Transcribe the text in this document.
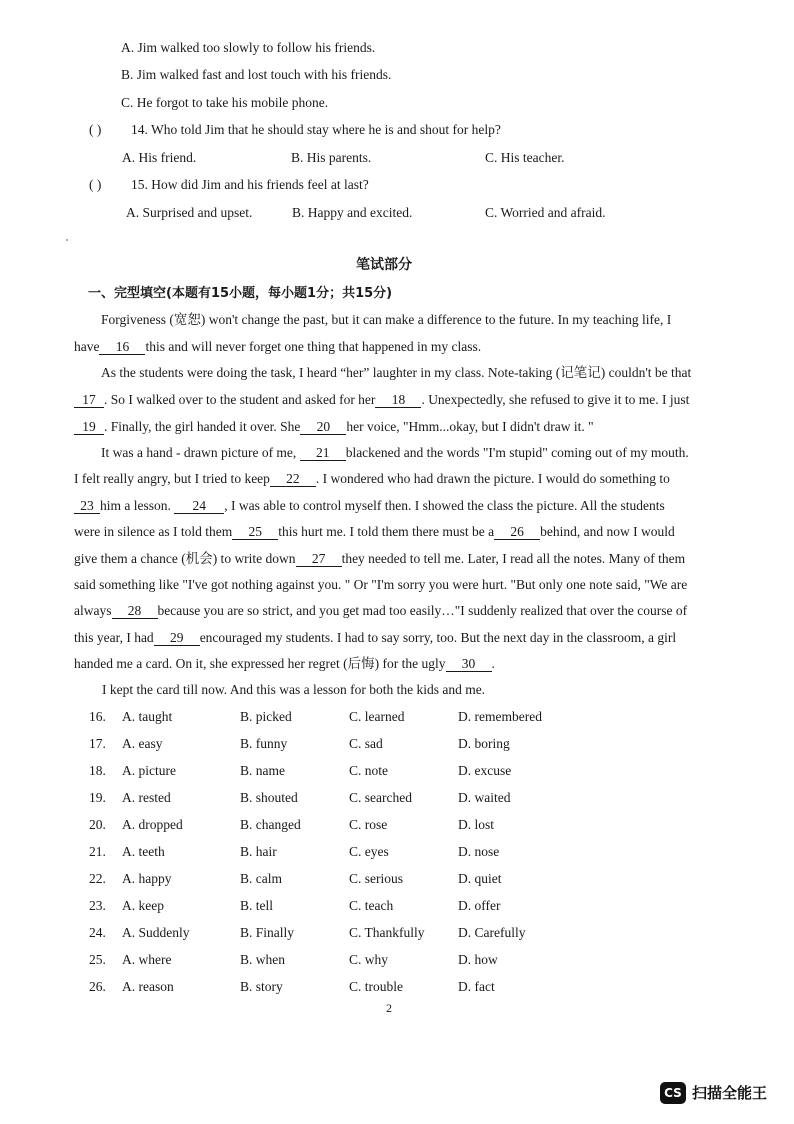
A. Jim walked too slowly to follow his friends.
B. Jim walked fast and lost touch with his friends.
C. He forgot to take his mobile phone.
( ) 14. Who told Jim that he should stay where he is and shout for help?
A. His friend.	B. His parents.	C. His teacher.
( ) 15. How did Jim and his friends feel at last?
A. Surprised and upset.	B. Happy and excited.	C. Worried and afraid.
笔试部分
一、完型填空(本题有15小题，每小题1分；共15分)
Forgiveness (宽恕) won't change the past, but it can make a difference to the future. In my teaching life, I
have 16 this and will never forget one thing that happened in my class.
As the students were doing the task, I heard “her” laughter in my class. Note-taking (记笔记) couldn't be that
17 . So I walked over to the student and asked for her 18 . Unexpectedly, she refused to give it to me. I just
19 . Finally, the girl handed it over. She 20 her voice, "Hmm...okay, but I didn't draw it. "
It was a hand - drawn picture of me, 21 blackened and the words "I'm stupid" coming out of my mouth.
I felt really angry, but I tried to keep 22 . I wondered who had drawn the picture. I would do something to
23 him a lesson. 24 , I was able to control myself then. I showed the class the picture. All the students
were in silence as I told them 25 this hurt me. I told them there must be a 26 behind, and now I would
give them a chance (机会) to write down 27 they needed to tell me. Later, I read all the notes. Many of them
said something like "I've got nothing against you. " Or "I'm sorry you were hurt. "But only one note said, "We are
always 28 because you are so strict, and you get mad too easily…"I suddenly realized that over the course of
this year, I had 29 encouraged my students. I had to say sorry, too. But the next day in the classroom, a girl
handed me a card. On it, she expressed her regret (后悔) for the ugly 30 .
I kept the card till now. And this was a lesson for both the kids and me.
16. A. taught	B. picked	C. learned	D. remembered
17. A. easy	B. funny	C. sad	D. boring
18. A. picture	B. name	C. note	D. excuse
19. A. rested	B. shouted	C. searched	D. waited
20. A. dropped	B. changed	C. rose	D. lost
21. A. teeth	B. hair	C. eyes	D. nose
22. A. happy	B. calm	C. serious	D. quiet
23. A. keep	B. tell	C. teach	D. offer
24. A. Suddenly	B. Finally	C. Thankfully D. Carefully
25. A. where	B. when	C. why	D. how
26. A. reason	B. story	C. trouble	D. fact
2
CS 扫描全能王
